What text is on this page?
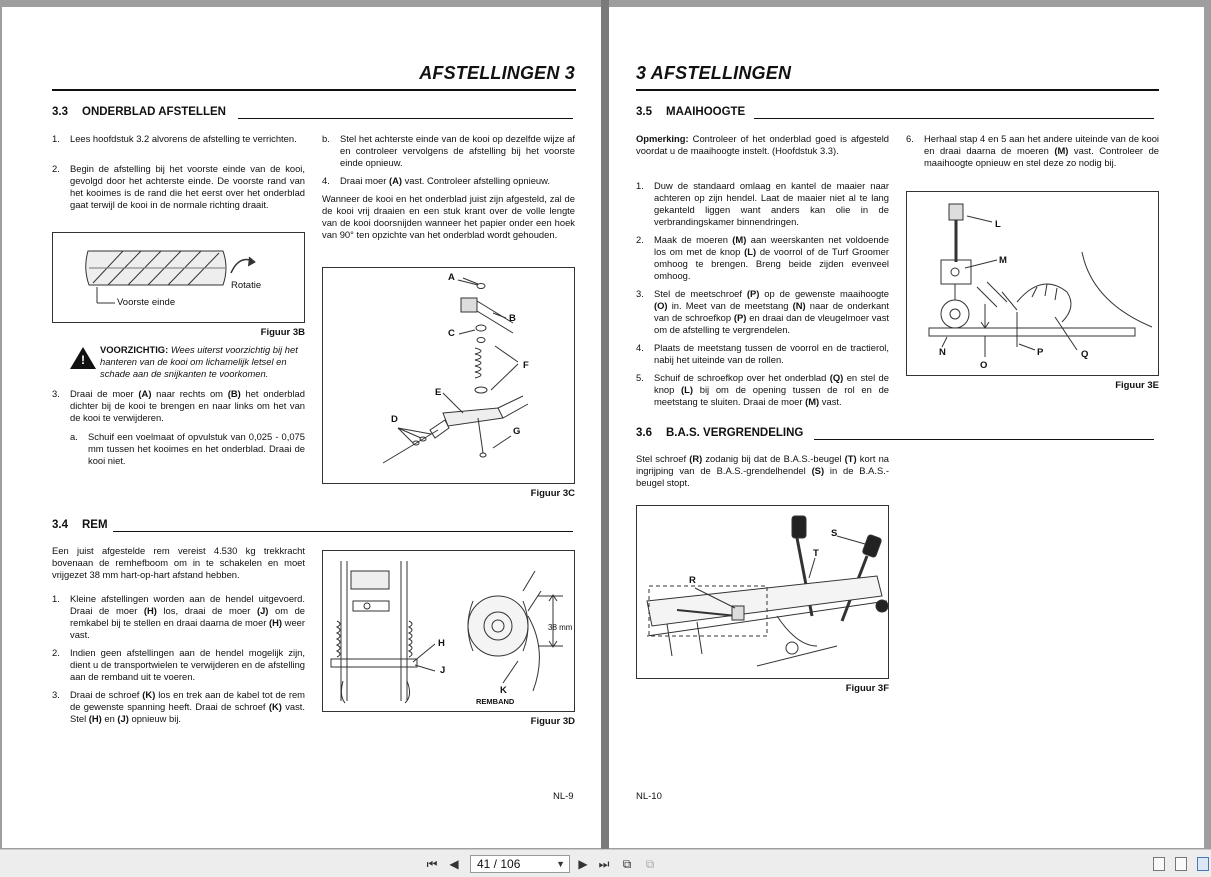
AFSTELLINGEN 3
3.3 ONDERBLAD AFSTELLEN
1. Lees hoofdstuk 3.2 alvorens de afstelling te verrichten.
2. Begin de afstelling bij het voorste einde van de kooi, gevolgd door het achterste einde. De voorste rand van het kooimes is de rand die het eerst over het onderblad gaat terwijl de kooi in de normale richting draait.
Rotatie
Voorste einde
Figuur 3B
!
VOORZICHTIG: Wees uiterst voorzichtig bij het hanteren van de kooi om lichamelijk letsel en schade aan de snijkanten te voorkomen.
3. Draai de moer (A) naar rechts om (B) het onderblad dichter bij de kooi te brengen en naar links om het van de kooi te verwijderen.
a. Schuif een voelmaat of opvulstuk van 0,025 - 0,075 mm tussen het kooimes en het onderblad. Draai de kooi niet.
b. Stel het achterste einde van de kooi op dezelfde wijze af en controleer vervolgens de afstelling bij het voorste einde opnieuw.
4. Draai moer (A) vast. Controleer afstelling opnieuw.
Wanneer de kooi en het onderblad juist zijn afgesteld, zal de de kooi vrij draaien en een stuk krant over de volle lengte van de kooi doorsnijden wanneer het papier onder een hoek van 90° ten opzichte van het onderblad wordt gehouden.
A
B
C
F
E
D
G
Figuur 3C
3.4 REM
Een juist afgestelde rem vereist 4.530 kg trekkracht bovenaan de remhefboom om in te schakelen en moet vrijgezet 38 mm hart-op-hart afstand hebben.
1. Kleine afstellingen worden aan de hendel uitgevoerd. Draai de moer (H) los, draai de moer (J) om de remkabel bij te stellen en draai daarna de moer (H) weer vast.
2. Indien geen afstellingen aan de hendel mogelijk zijn, dient u de transportwielen te verwijderen en de afstelling aan de remband uit te voeren.
3. Draai de schroef (K) los en trek aan de kabel tot de rem de gewenste spanning heeft. Draai de schroef (K) vast. Stel (H) en (J) opnieuw bij.
H
J
38 mm
K
REMBAND
Figuur 3D
NL-9
3 AFSTELLINGEN
3.5 MAAIHOOGTE
Opmerking: Controleer of het onderblad goed is afgesteld voordat u de maaihoogte instelt. (Hoofdstuk 3.3).
1. Duw de standaard omlaag en kantel de maaier naar achteren op zijn hendel. Laat de maaier niet al te lang gekanteld liggen want anders kan olie in de verbrandingskamer binnendringen.
2. Maak de moeren (M) aan weerskanten net voldoende los om met de knop (L) de voorrol of de Turf Groomer omhoog te brengen. Breng beide zijden evenveel omhoog.
3. Stel de meetschroef (P) op de gewenste maaihoogte (O) in. Meet van de meetstang (N) naar de onderkant van de schroefkop (P) en draai dan de vleugelmoer vast om de afstelling te vergrendelen.
4. Plaats de meetstang tussen de voorrol en de tractierol, nabij het uiteinde van de rollen.
5. Schuif de schroefkop over het onderblad (Q) en stel de knop (L) bij om de opening tussen de rol en de meetstang te sluiten. Draai de moer (M) vast.
6. Herhaal stap 4 en 5 aan het andere uiteinde van de kooi en draai daarna de moeren (M) vast. Controleer de maaihoogte opnieuw en stel deze zo nodig bij.
L
M
N
O
P	Q
Figuur 3E
3.6 B.A.S. VERGRENDELING
Stel schroef (R) zodanig bij dat de B.A.S.-beugel (T) kort na ingrijping van de B.A.S.-grendelhendel (S) in de B.A.S.-beugel stopt.
S
T
R
Figuur 3F
NL-10
⏮ ◀	41 / 106	▼ ▶ ⏭ ⧉ ⧉
